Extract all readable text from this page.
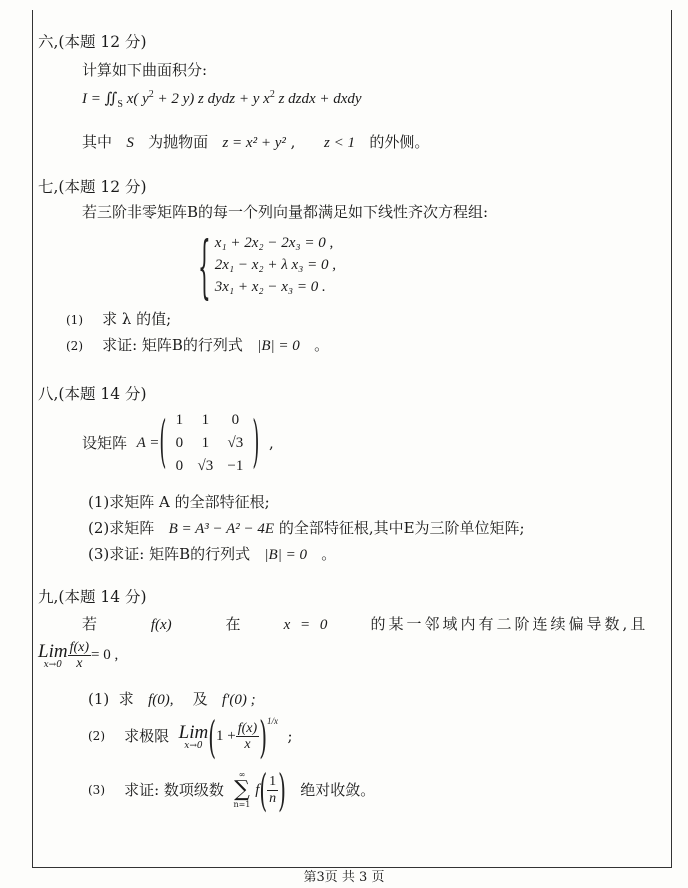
六,(本题 12 分)
计算如下曲面积分:
$I = ∬_S$ x( $y^2 + 2$ y) z dydz + y $x^2$ z dzdx + dxdy
其中 S 为抛物面 z = x² + y² ,      z < 1 的外侧。
七,(本题 12 分)
若三阶非零矩阵B的每一个列向量都满足如下线性齐次方程组:
{ x₁ + 2x₂ − 2x₃ = 0 ,
2x₁ − x₂ + λ x₃ = 0 ,
3x₁ + x₂ − x₃ = 0 .
(1) 求 λ 的值;
(2) 求证: 矩阵B的行列式 |B| = 0 。
八,(本题 14 分)
设矩阵
A = ( 1	1	0
0	1	√3
0 √3 −1 )
,
(1)求矩阵 A 的全部特征根;
(2)求矩阵 B = A³ − A² − 4E 的全部特征根,其中E为三阶单位矩阵;
(3)求证: 矩阵B的行列式 |B| = 0 。
九,(本题 14 分)
若	f(x)	在	x = 0	的某一邻域内有二阶连续偏导数,且
Lim
$x\to 0 \frac{f(x)}{x} = 0$ ,
(1) 求 f(0), 及 f′(0) ;
(2)
求极限
Lim
x→0 ( $1 + \frac{f(x)}{x}$ ) 1/x

;
(3)
求证: 数项级数

∞
∑
n=1

f ( $\frac{1}{n}$ )
绝对收敛。
第3页 共 3 页
